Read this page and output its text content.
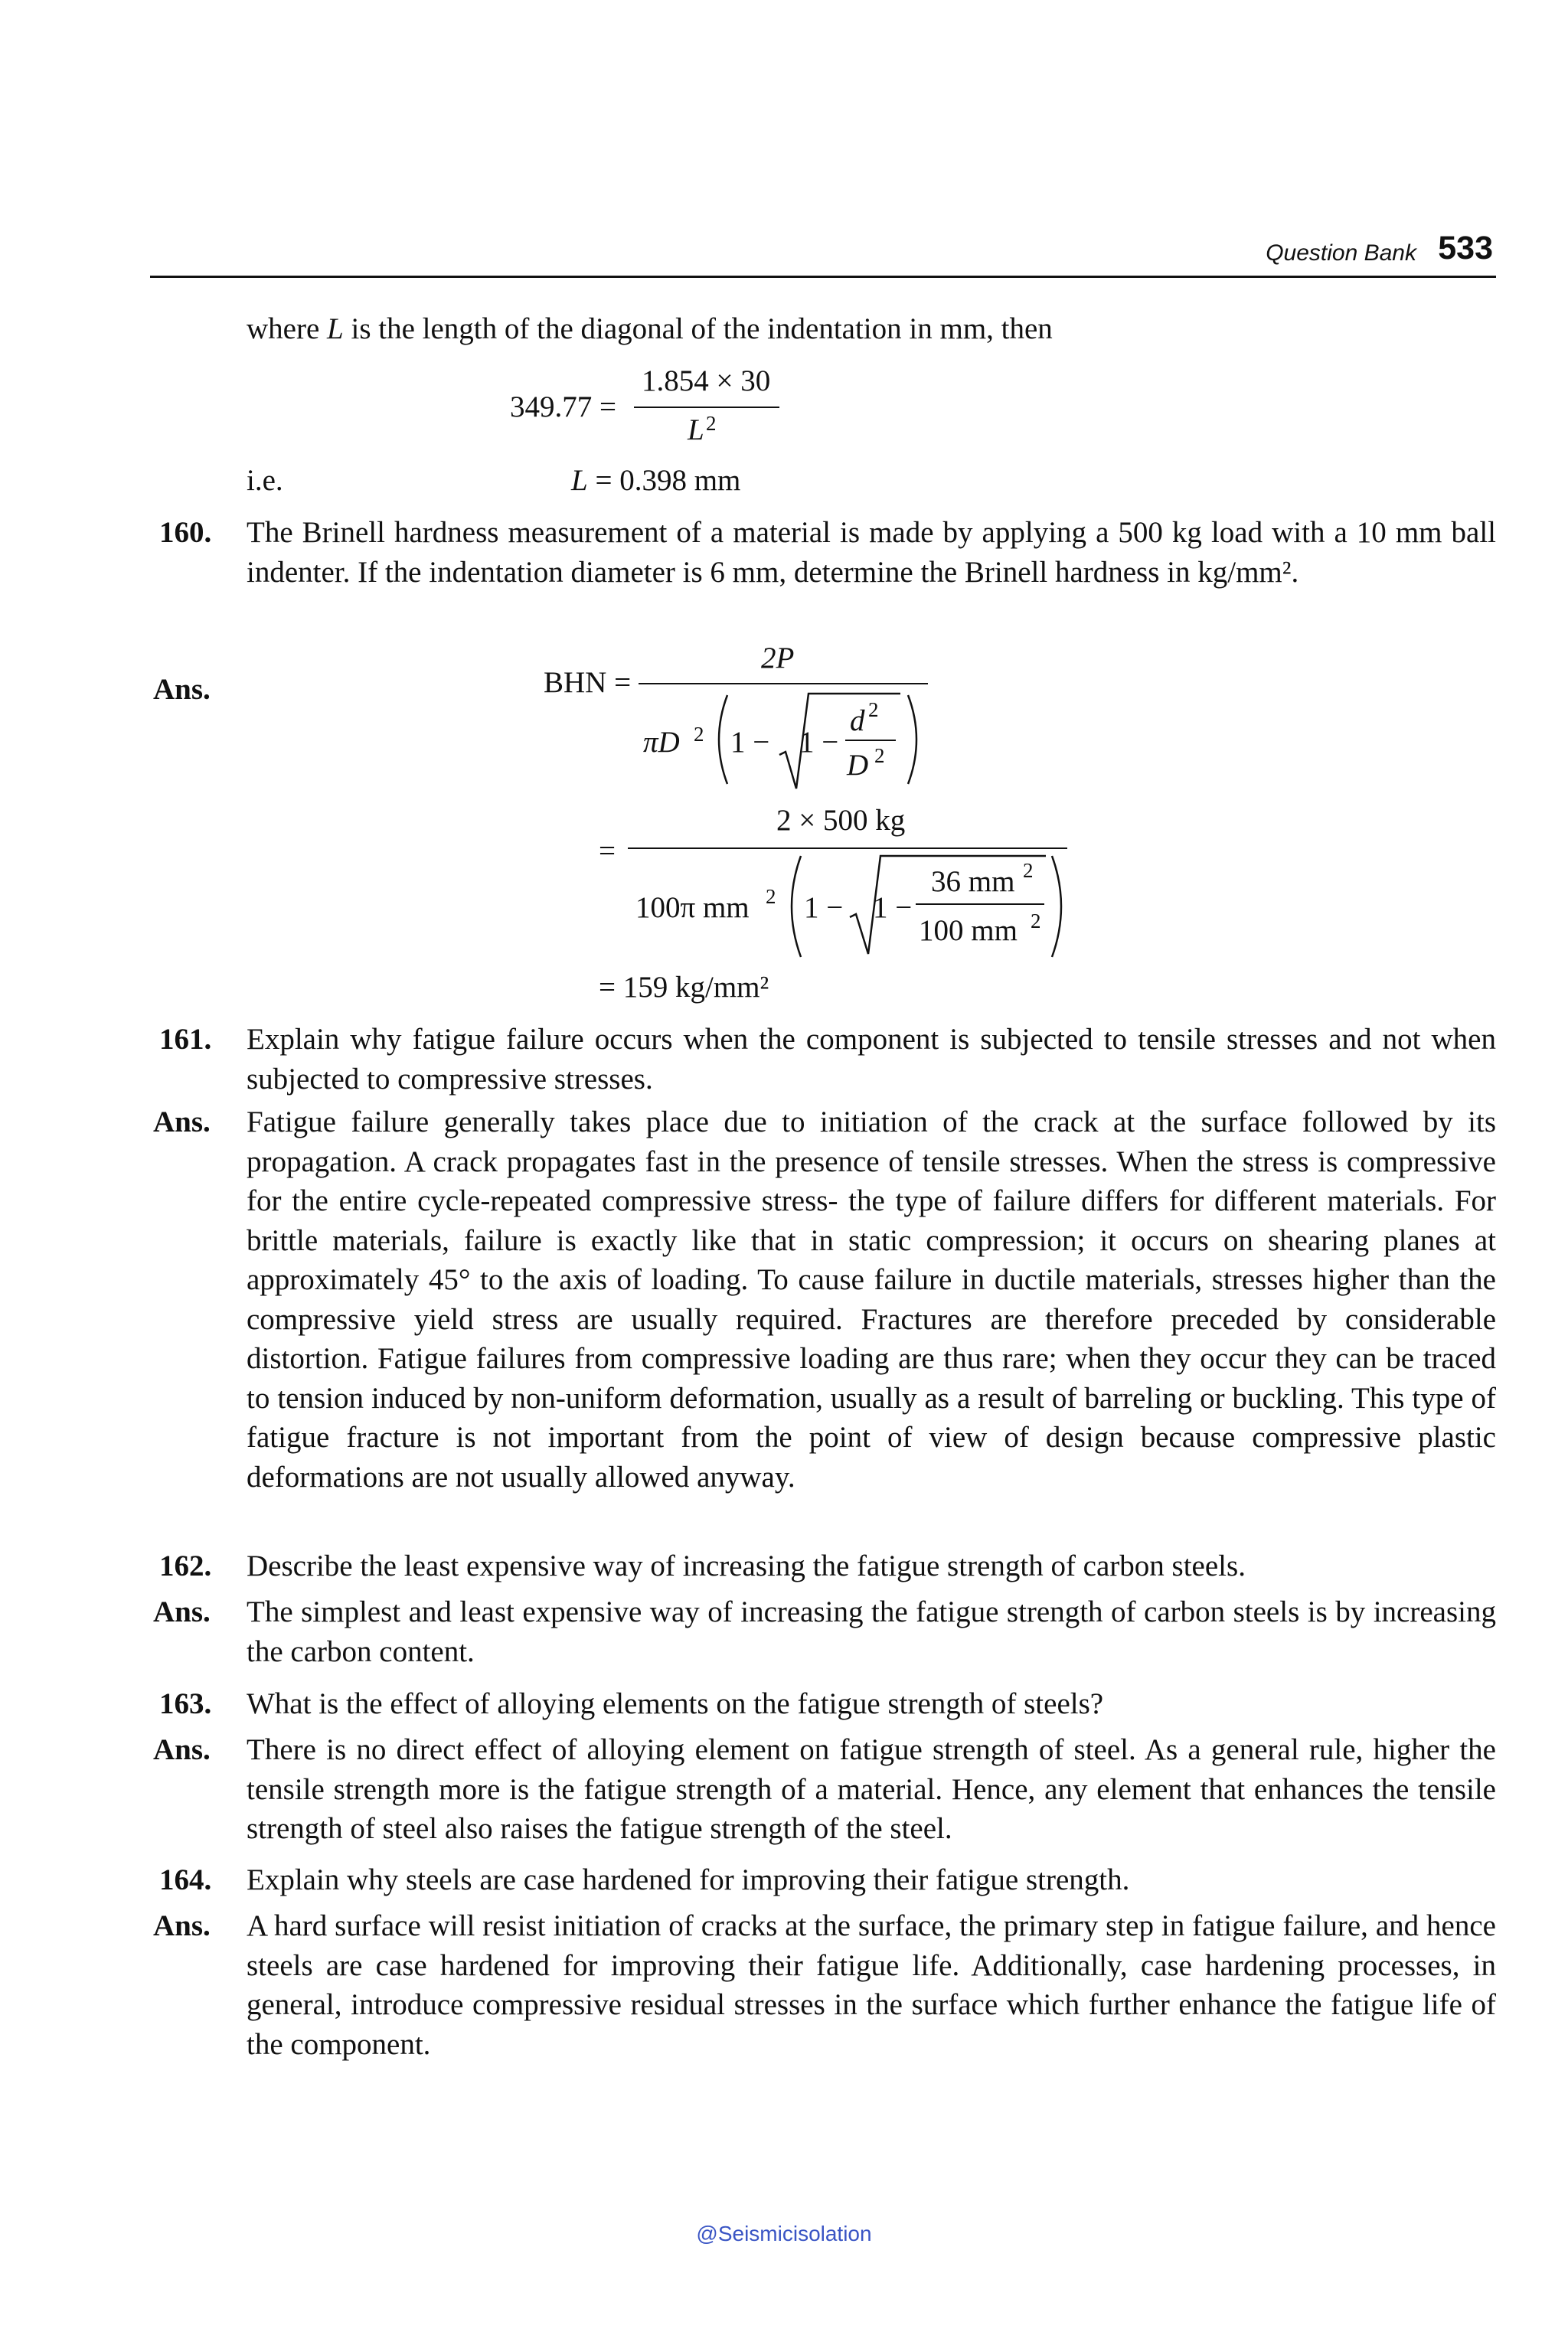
Question Bank 533
where L is the length of the diagonal of the indentation in mm, then
349.77 =
1.854 × 30
L 2
i.e.	L = 0.398 mm
160. The Brinell hardness measurement of a material is made by applying a 500 kg load with a 10 mm ball indenter. If the indentation diameter is 6 mm, determine the Brinell hardness in kg/mm².
Ans.	BHN =
2P
πD 2 1 − 1 −
d 2
D 2
=
2 × 500 kg
100π mm 2 1 − 1 −
36 mm 2
100 mm 2
= 159 kg/mm²
161. Explain why fatigue failure occurs when the component is subjected to tensile stresses and not when subjected to compressive stresses.
Ans. Fatigue failure generally takes place due to initiation of the crack at the surface followed by its propagation. A crack propagates fast in the presence of tensile stresses. When the stress is compressive for the entire cycle-repeated compressive stress- the type of failure differs for different materials. For brittle materials, failure is exactly like that in static compression; it occurs on shearing planes at approximately 45° to the axis of loading. To cause failure in ductile materials, stresses higher than the compressive yield stress are usually required. Fractures are therefore preceded by considerable distortion. Fatigue failures from compressive loading are thus rare; when they occur they can be traced to tension induced by non-uniform deformation, usually as a result of barreling or buckling. This type of fatigue fracture is not important from the point of view of design because compressive plastic deformations are not usually allowed anyway.
162. Describe the least expensive way of increasing the fatigue strength of carbon steels.
Ans. The simplest and least expensive way of increasing the fatigue strength of carbon steels is by increasing the carbon content.
163. What is the effect of alloying elements on the fatigue strength of steels?
Ans. There is no direct effect of alloying element on fatigue strength of steel. As a general rule, higher the tensile strength more is the fatigue strength of a material. Hence, any element that enhances the tensile strength of steel also raises the fatigue strength of the steel.
164. Explain why steels are case hardened for improving their fatigue strength.
Ans. A hard surface will resist initiation of cracks at the surface, the primary step in fatigue failure, and hence steels are case hardened for improving their fatigue life. Additionally, case hardening processes, in general, introduce compressive residual stresses in the surface which further enhance the fatigue life of the component.
@Seismicisolation
